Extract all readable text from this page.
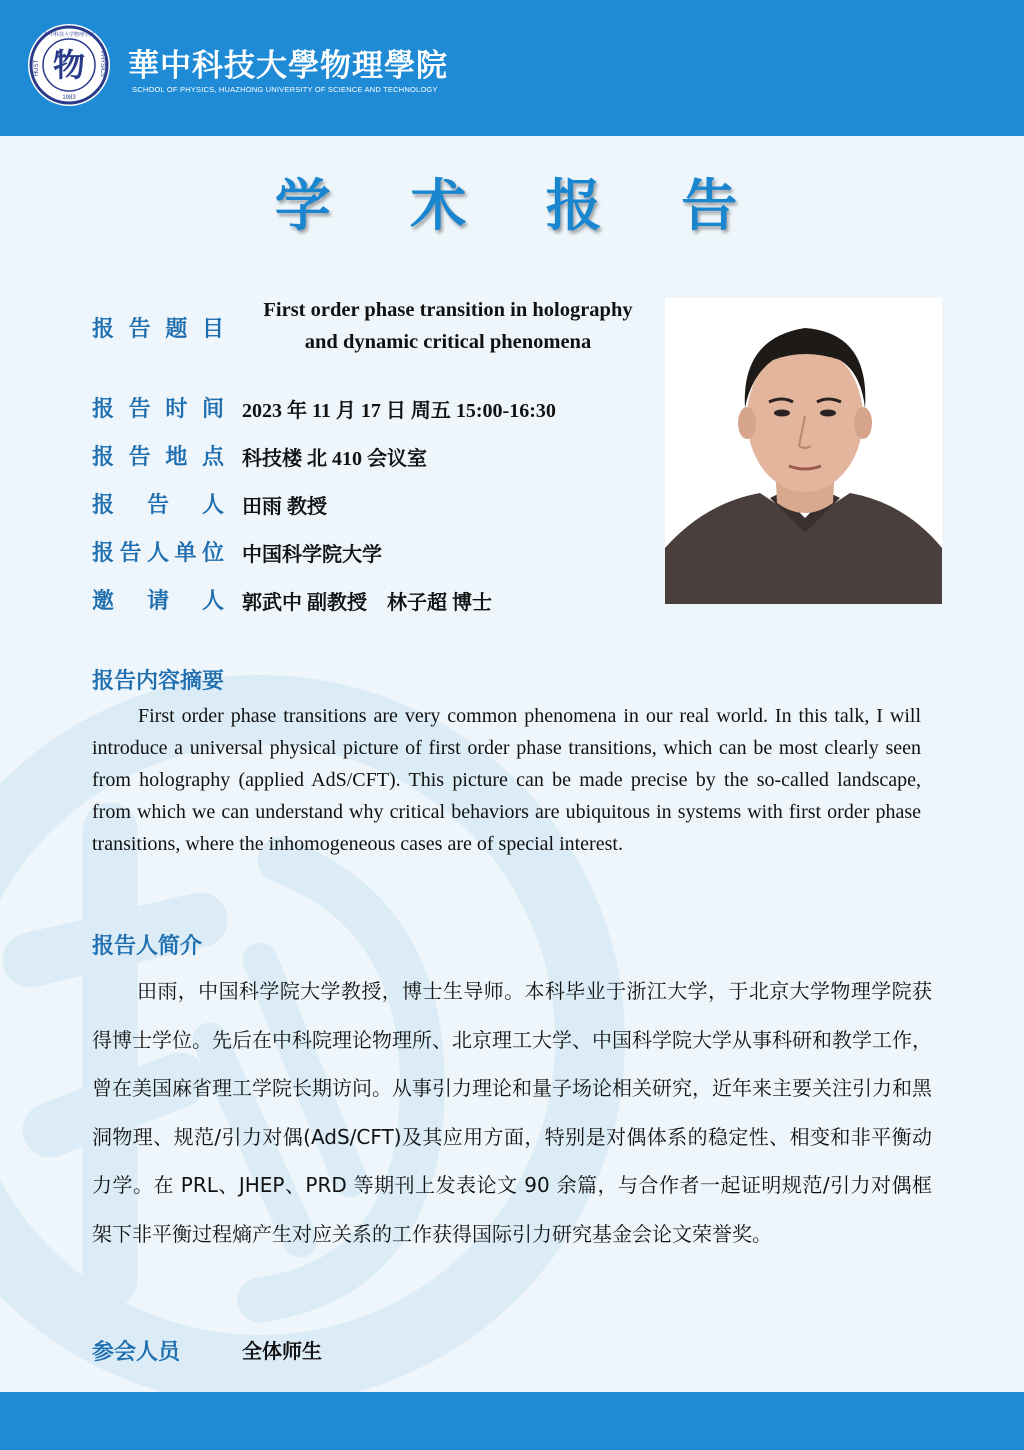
物
HUST
华中科技大学物理学院
PHYSICS
1983
華中科技大學物理學院
SCHOOL OF PHYSICS, HUAZHONG UNIVERSITY OF SCIENCE AND TECHNOLOGY
学 术 报 告
报告题目
First order phase transition in holography
and dynamic critical phenomena
报告时间 2023 年 11 月 17 日 周五 15:00-16:30
报告地点 科技楼 北 410 会议室
报 告 人 田雨 教授
报告人单位 中国科学院大学
邀 请 人 郭武中 副教授　林子超 博士
报告内容摘要

First order phase transitions are very common phenomena in our real world. In this talk, I will introduce a universal physical picture of first order phase transitions, which can be most clearly seen from holography (applied AdS/CFT). This picture can be made precise by the so-called landscape, from which we can understand why critical behaviors are ubiquitous in systems with first order phase transitions, where the inhomogeneous cases are of special interest.

报告人简介

田雨，中国科学院大学教授，博士生导师。本科毕业于浙江大学，于北京大学物理学院获得博士学位。先后在中科院理论物理所、北京理工大学、中国科学院大学从事科研和教学工作，曾在美国麻省理工学院长期访问。从事引力理论和量子场论相关研究，近年来主要关注引力和黑洞物理、规范/引力对偶(AdS/CFT)及其应用方面，特别是对偶体系的稳定性、相变和非平衡动力学。在 PRL、JHEP、PRD 等期刊上发表论文 90 余篇，与合作者一起证明规范/引力对偶框架下非平衡过程熵产生对应关系的工作获得国际引力研究基金会论文荣誉奖。

参会人员	全体师生
